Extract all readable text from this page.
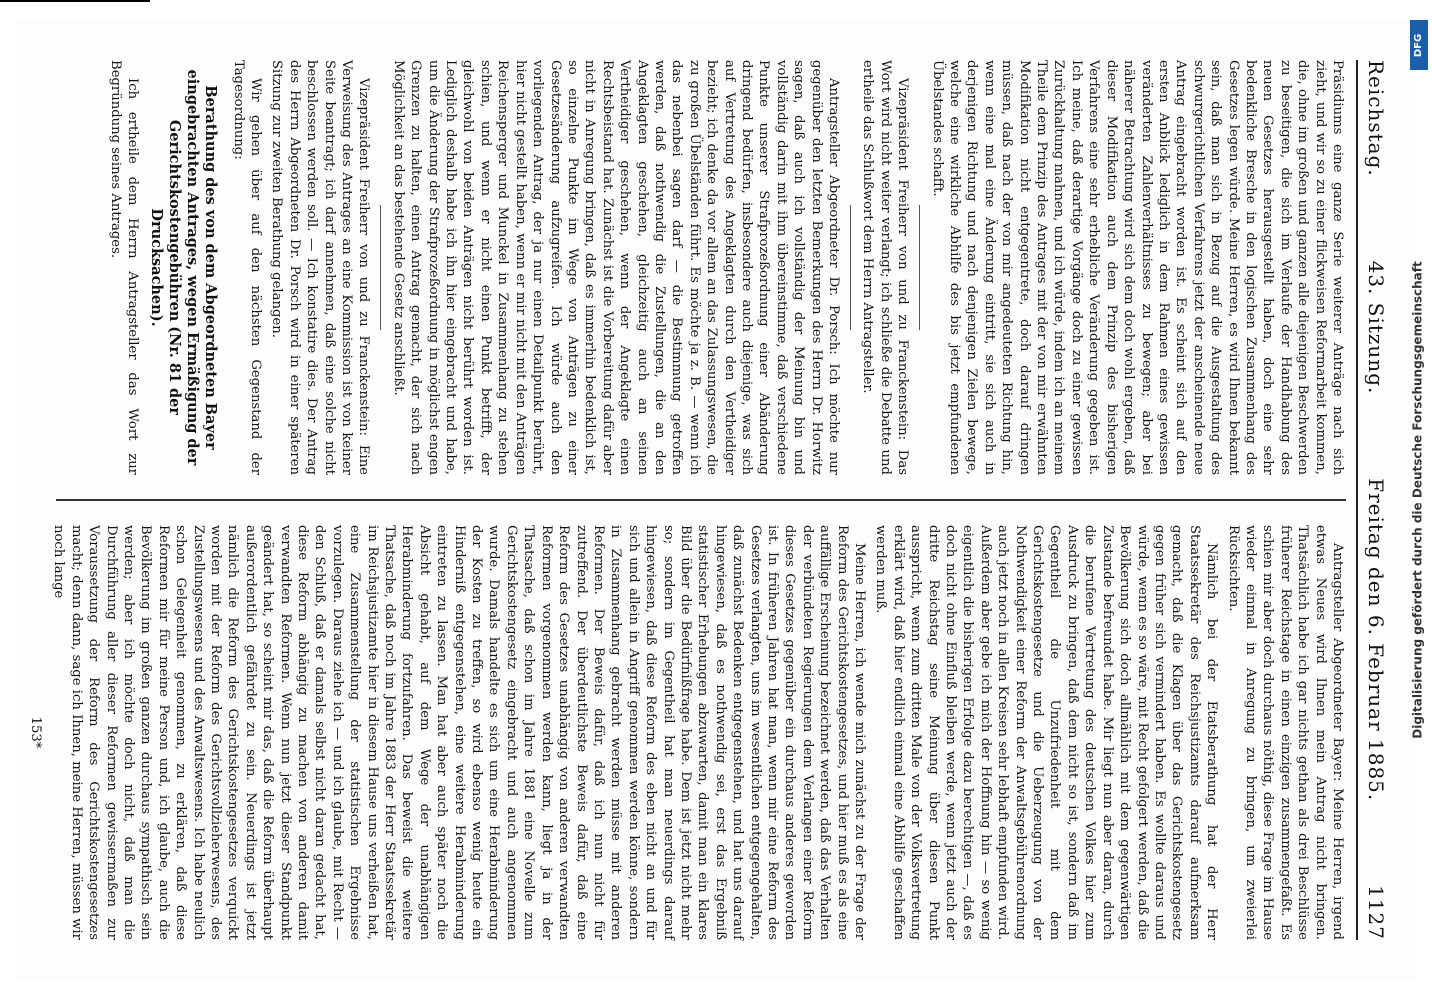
Reichstag.
43. Sitzung.
Freitag den 6. Februar 1885.
1127

Präsidiums eine ganze Serie weiterer Anträge nach sich zieht, und wir so zu einer flickweisen Reformarbeit kommen, die, ohne im großen und ganzen alle diejenigen Beschwerden zu beseitigen, die sich im Verlaufe der Handhabung des neuen Gesetzes herausgestellt haben, doch eine sehr bedenkliche Bresche in den logischen Zusammenhang des Gesetzes legen würde. Meine Herren, es wird Ihnen bekannt sein, daß man sich in Bezug auf die Ausgestaltung des schwurgerichtlichen Verfahrens jetzt der anscheinende neue Antrag eingebracht worden ist. Es scheint sich auf den ersten Anblick lediglich in dem Rahmen eines gewissen veränderten Zahlenverhältnisses zu bewegen; aber bei näherer Betrachtung wird sich dem doch wohl ergeben, daß dieser Modifikation auch dem Prinzip des bisherigen Verfahrens eine sehr erhebliche Veränderung gegeben ist. Ich meine, daß derartige Vorgänge doch zu einer gewissen Zurückhaltung mahnen, und ich würde, indem ich an meinem Theile dem Prinzip des Antrages mit der von mir erwähnten Modifikation nicht entgegentrete, doch darauf dringen müssen, daß nach der von mir angedeuteten Richtung hin, wenn eine mal eine Änderung eintritt, sie sich auch in derjenigen Richtung und nach denjenigen Zielen bewege, welche eine wirkliche Abhilfe des bis jetzt empfundenen Übelstandes schafft.

Vizepräsident Freiherr von und zu Franckenstein: Das Wort wird nicht weiter verlangt; ich schließe die Debatte und ertheile das Schlußwort dem Herrn Antragsteller.

Antragsteller Abgeordneter Dr. Porsch: Ich möchte nur gegenüber den letzten Bemerkungen des Herrn Dr. Horwitz sagen, daß auch ich vollständig der Meinung bin und vollständig darin mit ihm übereinstimme, daß verschiedene Punkte unserer Strafprozeßordnung einer Abänderung dringend bedürfen, insbesondere auch diejenige, was sich auf Vertretung des Angeklagten durch den Vertheidiger bezieht; ich denke da vor allem an das Zulassungswesen, die zu großen Übelständen führt. Es möchte ja z. B. — wenn ich das nebenbei sagen darf — die Bestimmung getroffen werden, daß nothwendig die Zustellungen, die an den Angeklagten geschehen, gleichzeitig auch an seinen Vertheidiger geschehen, wenn der Angeklagte einen Rechtsbeistand hat. Zunächst ist die Vorbereitung dafür aber nicht in Anregung bringen, daß es immerhin bedenklich ist, so einzelne Punkte im Wege von Anträgen zu einer Gesetzesänderung aufzugreifen. Ich würde auch den vorliegenden Antrag, der ja nur einen Detailpunkt berührt, hier nicht gestellt haben, wenn er mir nicht mit den Anträgen Reichensperger und Munckel in Zusammenhang zu stehen schien, und wenn er nicht einen Punkt betrifft, der gleichwohl von beiden Anträgen nicht berührt worden ist. Lediglich deshalb habe ich ihn hier eingebracht und habe, um die Änderung der Strafprozeßordnung in möglichst engen Grenzen zu halten, einen Antrag gemacht, der sich nach Möglichkeit an das bestehende Gesetz anschließt.

Vizepräsident Freiherr von und zu Franckenstein: Eine Verweisung des Antrages an eine Kommission ist von keiner Seite beantragt; ich darf annehmen, daß eine solche nicht beschlossen werden soll. — Ich konstatire dies. Der Antrag des Herrn Abgeordneten Dr. Porsch wird in einer späteren Sitzung zur zweiten Berathung gelangen.

Wir gehen über auf den nächsten Gegenstand der Tagesordnung:

Berathung des von dem Abgeordneten Bayer eingebrachten Antrages, wegen Ermäßigung der Gerichtskostengebühren (Nr. 81 der Drucksachen).

Ich ertheile dem Herrn Antragsteller das Wort zur Begründung seines Antrages.

Antragsteller Abgeordneter Bayer: Meine Herren, irgend etwas Neues wird Ihnen mein Antrag nicht bringen. Thatsächlich habe ich gar nichts gethan als drei Beschlüsse früherer Reichstage in einen einzigen zusammengefaßt. Es schien mir aber doch durchaus nöthig, diese Frage im Hause wieder einmal in Anregung zu bringen, um zweierlei Rücksichten.

Nämlich bei der Etatsberathung hat der Herr Staatssekretär des Reichsjustizamts darauf aufmerksam gemacht, daß die Klagen über das Gerichtskostengesetz gegen früher sich vermindert haben. Es wollte daraus und würde, wenn es so wäre, mit Recht gefolgert werden, daß die Bevölkerung sich doch allmählich mit dem gegenwärtigen Zustande befreundet habe. Mir liegt nun aber daran, durch die berufene Vertretung des deutschen Volkes hier zum Ausdruck zu bringen, daß dem nicht so ist, sondern daß im Gegentheil die Unzufriedenheit mit dem Gerichtskostengesetze und die Ueberzeugung von der Nothwendigkeit einer Reform der Anwaltsgebührenordnung auch jetzt noch in allen Kreisen sehr lebhaft empfunden wird. Außerdem aber gebe ich mich der Hoffnung hin — so wenig eigentlich die bisherigen Erfolge dazu berechtigen —, daß es doch nicht ohne Einfluß bleiben werde, wenn jetzt auch der dritte Reichstag seine Meinung über diesen Punkt ausspricht, wenn zum dritten Male von der Volksvertretung erklärt wird, daß hier endlich einmal eine Abhilfe geschaffen werden muß.

Meine Herren, ich wende mich zunächst zu der Frage der Reform des Gerichtskostengesetzes, und hier muß es als eine auffällige Erscheinung bezeichnet werden, daß das Verhalten der verbündeten Regierungen dem Verlangen einer Reform dieses Gesetzes gegenüber ein durchaus anderes geworden ist. In früheren Jahren hat man, wenn mir eine Reform des Gesetzes verlangten, uns im wesentlichen entgegengehalten, daß zunächst Bedenken entgegenstehen, und hat uns darauf hingewiesen, daß es nothwendig sei, erst das Ergebniß statistischer Erhebungen abzuwarten, damit man ein klares Bild über die Bedürfnißfrage habe. Dem ist jetzt nicht mehr so; sondern im Gegentheil hat man neuerdings darauf hingewiesen, daß diese Reform des eben nicht an und für sich und allein in Angriff genommen werden könne, sondern in Zusammenhang gebracht werden müsse mit anderen Reformen. Der Beweis dafür, daß ich nun nicht für zutreffend. Der überdeutlichste Beweis dafür, daß eine Reform des Gesetzes unabhängig von anderen verwandten Reformen vorgenommen werden kann, liegt ja in der Thatsache, daß schon im Jahre 1881 eine Novelle zum Gerichtskostengesetz eingebracht und auch angenommen wurde. Damals handelte es sich um eine Herabminderung der Kosten zu treffen, so wird ebenso wenig heute ein Hinderniß entgegenstehen, eine weitere Herabminderung eintreten zu lassen. Man hat aber auch später noch die Absicht gehabt, auf dem Wege der unabhängigen Herabminderung fortzufahren. Das beweist die weitere Thatsache, daß noch im Jahre 1883 der Herr Staatssekretär im Reichsjustizamte hier in diesem Hause uns verheißen hat, eine Zusammenstellung der statistischen Ergebnisse vorzulegen. Daraus ziehe ich — und ich glaube, mit Recht — den Schluß, daß er damals selbst nicht daran gedacht hat, diese Reform abhängig zu machen von anderen damit verwandten Reformen. Wenn nun jetzt dieser Standpunkt geändert hat, so scheint mir das, daß die Reform überhaupt außerordentlich gefährdet zu sein. Neuerdings ist jetzt nämlich die Reform des Gerichtskostengesetzes verquickt worden mit der Reform des Gerichtsvollzieherwesens, des Zustellungswesens und des Anwaltswesens. Ich habe neulich schon Gelegenheit genommen, zu erklären, daß diese Reformen mir für meine Person und, ich glaube, auch die Bevölkerung im großen ganzen durchaus sympathisch sein werden; aber ich möchte doch nicht, daß man die Durchführung aller dieser Reformen gewissermaßen zur Voraussetzung der Reform des Gerichtskostengesetzes macht; denn dann, sage ich Ihnen, meine Herren, müssen wir noch lange

153*
DFG
Digitalisierung gefördert durch die Deutsche Forschungsgemeinschaft
